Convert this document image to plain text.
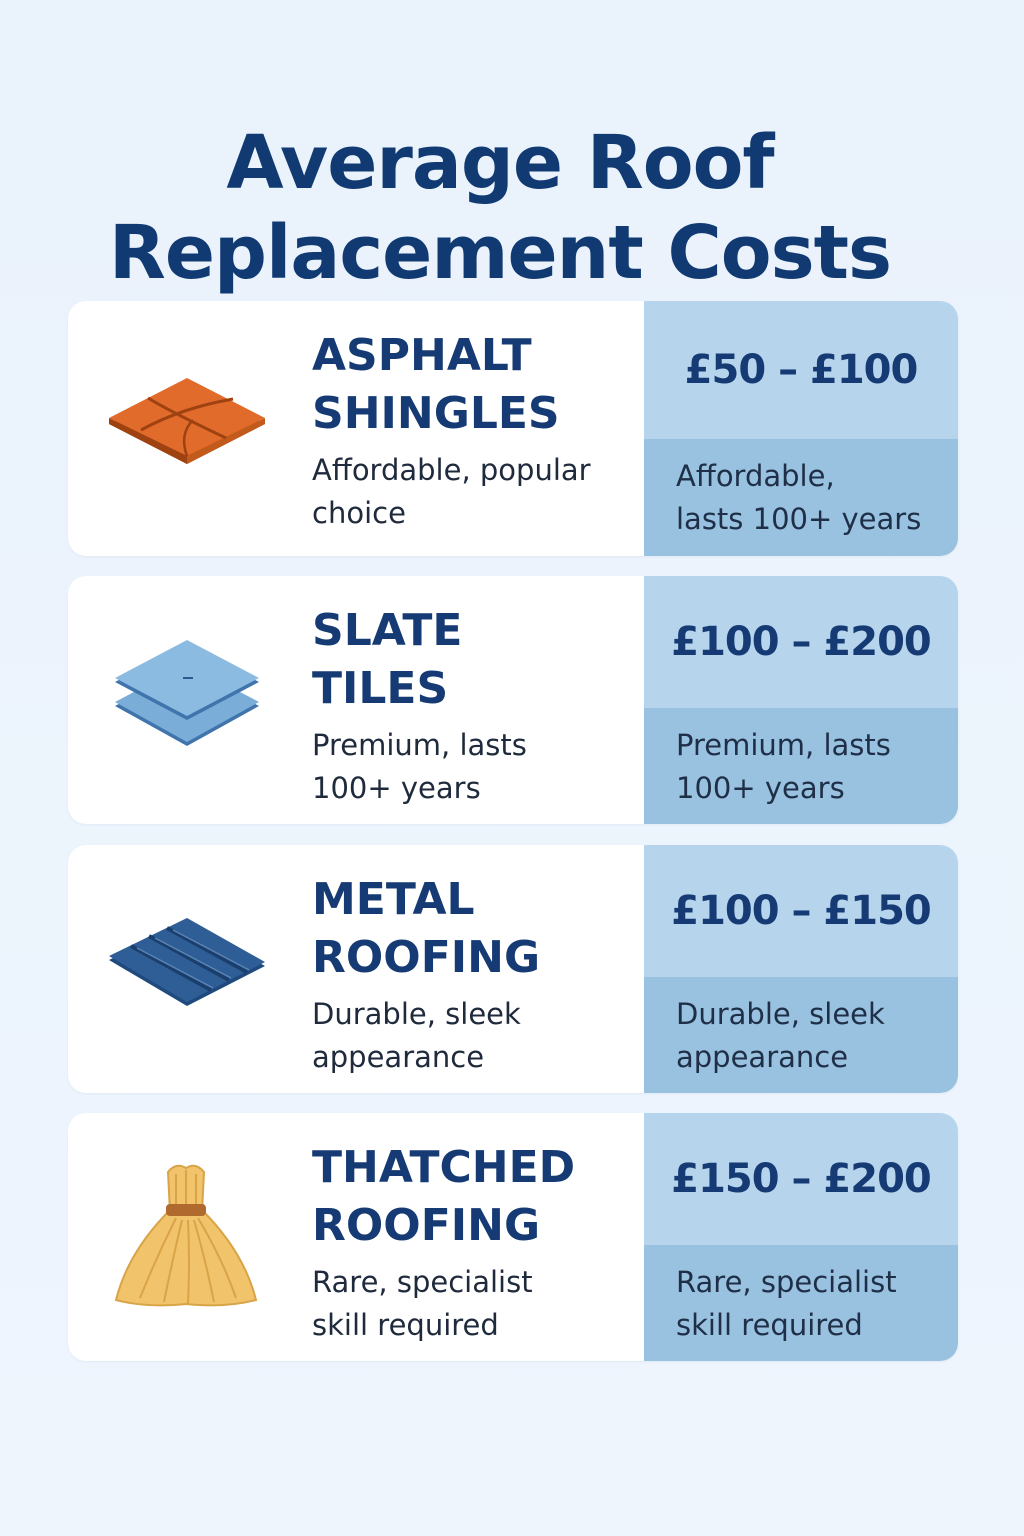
Average Roof
Replacement Costs
ASPHALT
SHINGLES
Affordable, popular
choice
£50 – £100
Affordable,
lasts 100+ years
SLATE
TILES
Premium, lasts
100+ years
£100 – £200
Premium, lasts
100+ years
METAL
ROOFING
Durable, sleek
appearance
£100 – £150
Durable, sleek
appearance
THATCHED
ROOFING
Rare, specialist
skill required
£150 – £200
Rare, specialist
skill required
